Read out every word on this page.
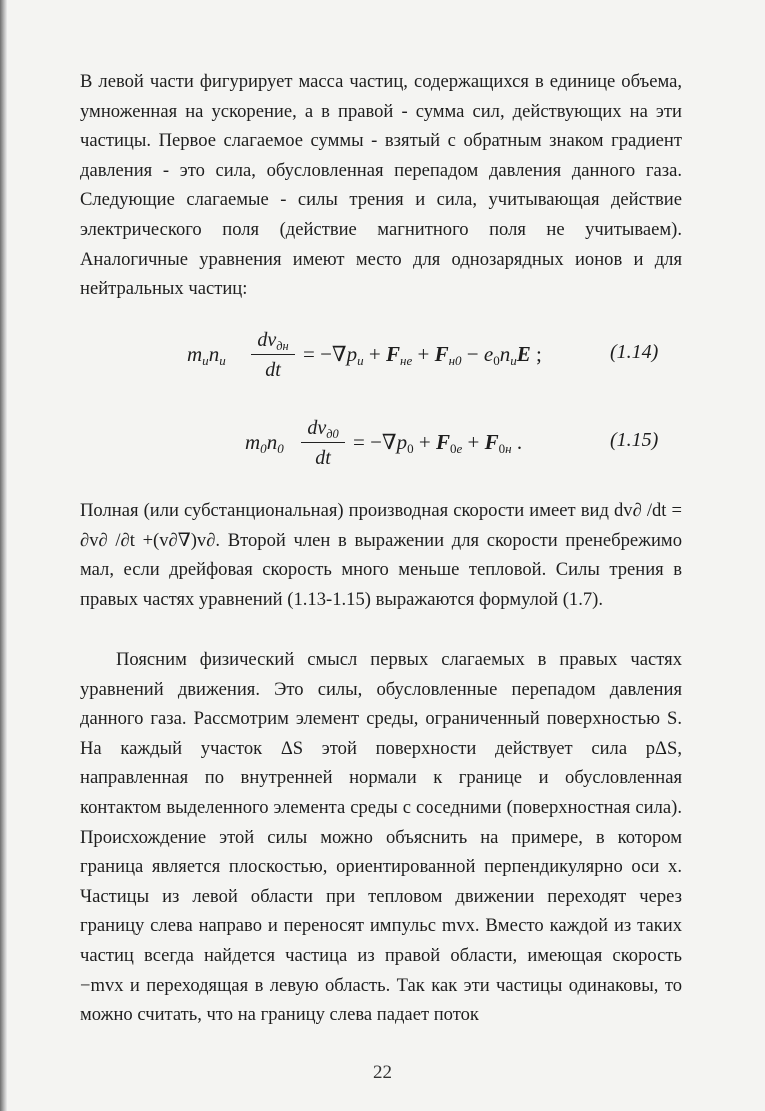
В левой части фигурирует масса частиц, содержащихся в единице объема, умноженная на ускорение, а в правой - сумма сил, действующих на эти частицы. Первое слагаемое суммы - взятый с обратным знаком градиент давления - это сила, обусловленная перепадом давления данного газа. Следующие слагаемые - силы трения и сила, учитывающая действие электрического поля (действие магнитного поля не учитываем). Аналогичные уравнения имеют место для однозарядных ионов и для нейтральных частиц:

$m_иn_и$
$dv_{дн}$
dt
= $-\nabla p_и + F_{не} + F_{н0} - e_0n_иE$ ;	(1.14)
$m_0n_0$
$dv_{д0}$
dt
= $-\nabla p_0 + F_{0е} + F_{0н}$ .	(1.15)

Полная (или субстанциональная) производная скорости имеет вид dv∂ /dt = ∂v∂ /∂t +(v∂∇)v∂. Второй член в выражении для скорости пренебрежимо мал, если дрейфовая скорость много меньше тепловой. Силы трения в правых частях уравнений (1.13-1.15) выражаются формулой (1.7).

Поясним физический смысл первых слагаемых в правых частях уравнений движения. Это силы, обусловленные перепадом давления данного газа. Рассмотрим элемент среды, ограниченный поверхностью S. На каждый участок ΔS этой поверхности действует сила pΔS, направленная по внутренней нормали к границе и обусловленная контактом выделенного элемента среды с соседними (поверхностная сила). Происхождение этой силы можно объяснить на примере, в котором граница является плоскостью, ориентированной перпендикулярно оси x. Частицы из левой области при тепловом движении переходят через границу слева направо и переносят импульс mvx. Вместо каждой из таких частиц всегда найдется частица из правой области, имеющая скорость −mvx и переходящая в левую область. Так как эти частицы одинаковы, то можно считать, что на границу слева падает поток

22
